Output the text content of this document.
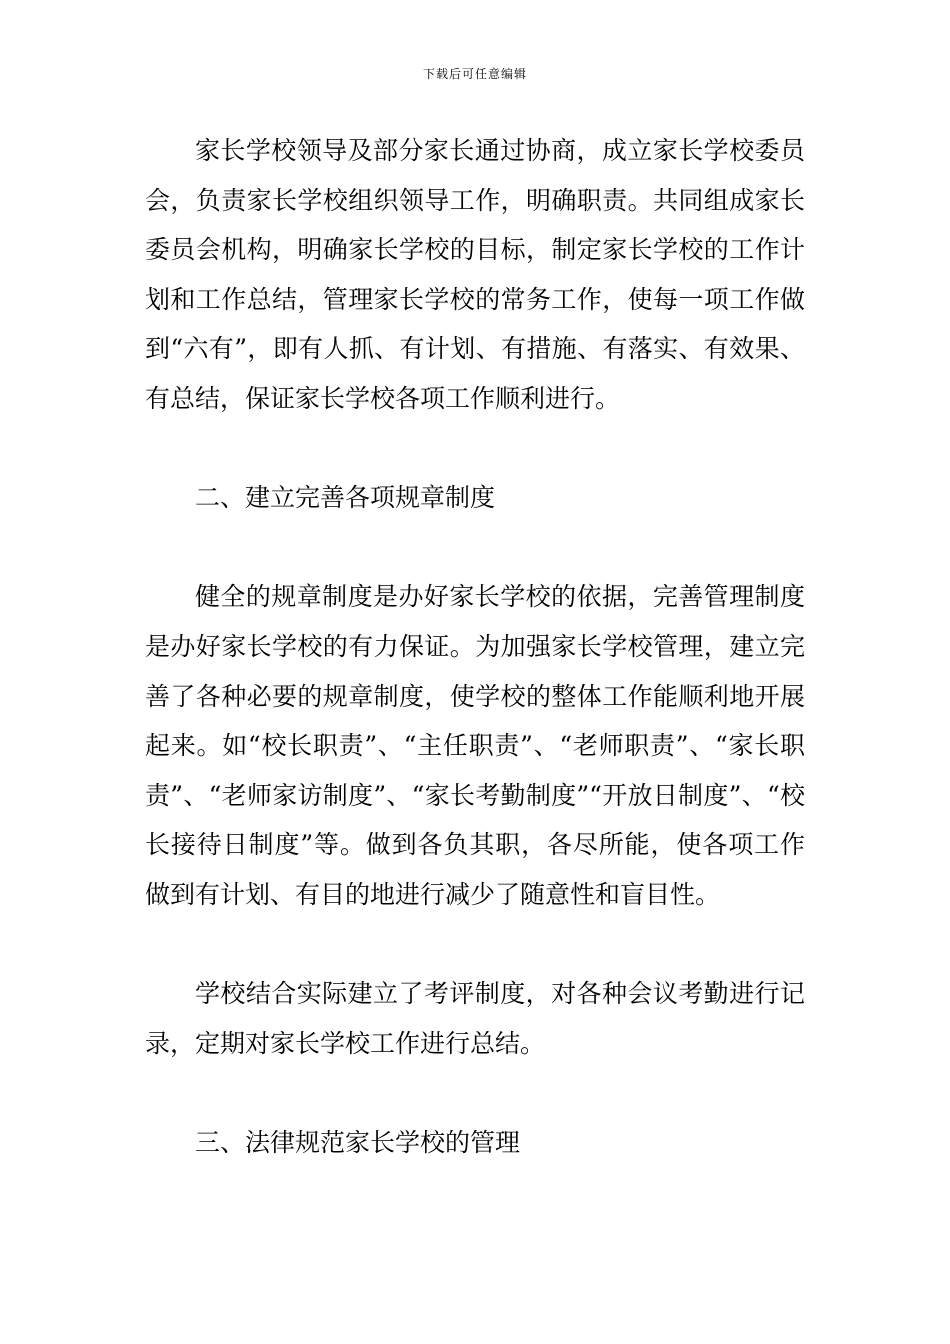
下载后可任意编辑

家长学校领导及部分家长通过协商，成立家长学校委员会，负责家长学校组织领导工作，明确职责。共同组成家长委员会机构，明确家长学校的目标，制定家长学校的工作计划和工作总结，管理家长学校的常务工作，使每一项工作做到“六有”，即有人抓、有计划、有措施、有落实、有效果、有总结，保证家长学校各项工作顺利进行。

二、建立完善各项规章制度

健全的规章制度是办好家长学校的依据，完善管理制度是办好家长学校的有力保证。为加强家长学校管理，建立完善了各种必要的规章制度，使学校的整体工作能顺利地开展起来。如“校长职责”、“主任职责”、“老师职责”、“家长职责”、“老师家访制度”、“家长考勤制度”“开放日制度”、“校长接待日制度”等。做到各负其职，各尽所能，使各项工作做到有计划、有目的地进行减少了随意性和盲目性。

学校结合实际建立了考评制度，对各种会议考勤进行记录，定期对家长学校工作进行总结。

三、法律规范家长学校的管理
